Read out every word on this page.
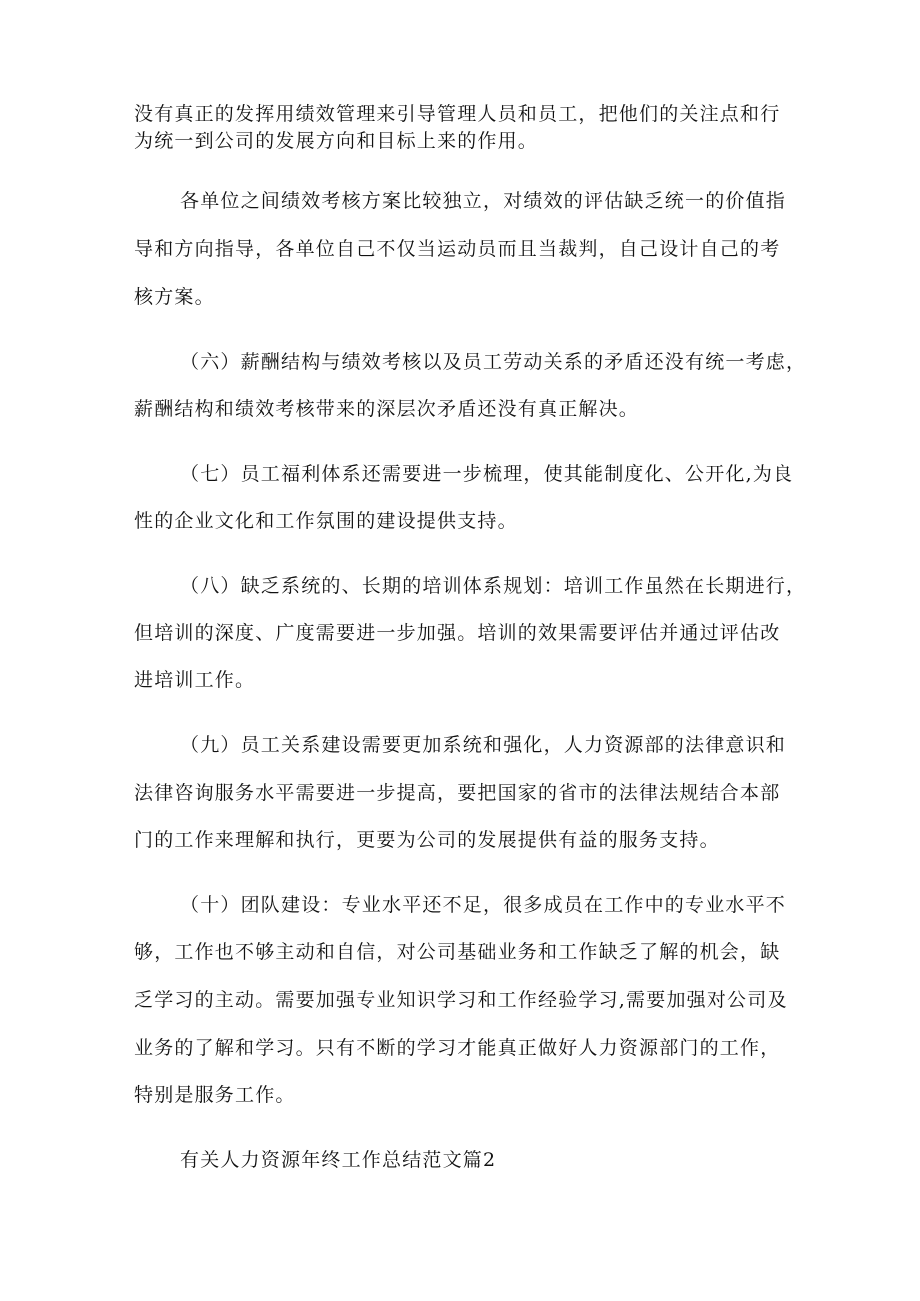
没有真正的发挥用绩效管理来引导管理人员和员工，把他们的关注点和行
为统一到公司的发展方向和目标上来的作用。
各单位之间绩效考核方案比较独立，对绩效的评估缺乏统一的价值指
导和方向指导，各单位自己不仅当运动员而且当裁判，自己设计自己的考
核方案。
（六）薪酬结构与绩效考核以及员工劳动关系的矛盾还没有统一考虑，
薪酬结构和绩效考核带来的深层次矛盾还没有真正解决。
（七）员工福利体系还需要进一步梳理，使其能制度化、公开化,为良
性的企业文化和工作氛围的建设提供支持。
（八）缺乏系统的、长期的培训体系规划：培训工作虽然在长期进行，
但培训的深度、广度需要进一步加强。培训的效果需要评估并通过评估改
进培训工作。
（九）员工关系建设需要更加系统和强化，人力资源部的法律意识和
法律咨询服务水平需要进一步提高，要把国家的省市的法律法规结合本部
门的工作来理解和执行，更要为公司的发展提供有益的服务支持。
（十）团队建设：专业水平还不足，很多成员在工作中的专业水平不
够，工作也不够主动和自信，对公司基础业务和工作缺乏了解的机会，缺
乏学习的主动。需要加强专业知识学习和工作经验学习,需要加强对公司及
业务的了解和学习。只有不断的学习才能真正做好人力资源部门的工作，
特别是服务工作。
有关人力资源年终工作总结范文篇2
